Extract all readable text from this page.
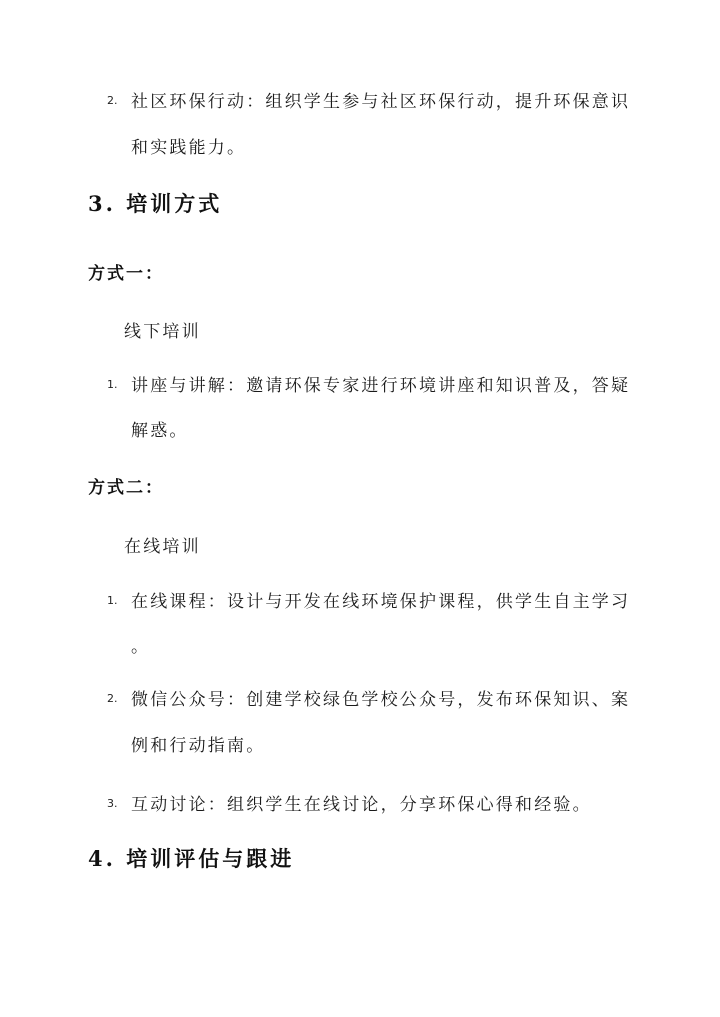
2. 社区环保行动：组织学生参与社区环保行动，提升环保意识
和实践能力。
3. 培训方式
方式一：
线下培训
1. 讲座与讲解：邀请环保专家进行环境讲座和知识普及，答疑
解惑。
方式二：
在线培训
1. 在线课程：设计与开发在线环境保护课程，供学生自主学习
。
2. 微信公众号：创建学校绿色学校公众号，发布环保知识、案
例和行动指南。
3. 互动讨论：组织学生在线讨论，分享环保心得和经验。
4. 培训评估与跟进
